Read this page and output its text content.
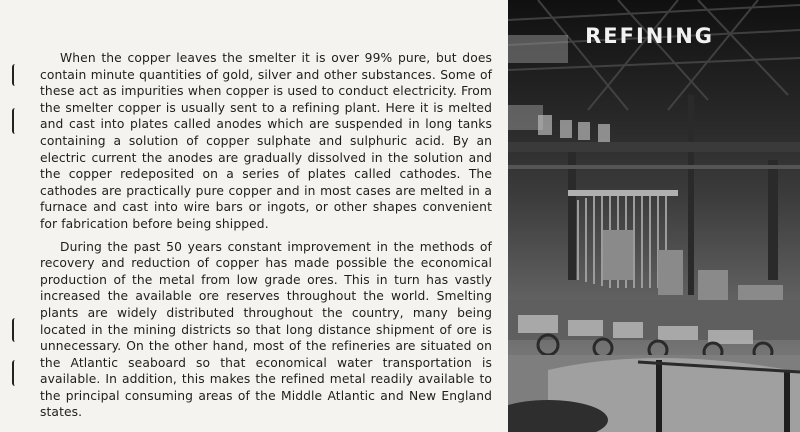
When the copper leaves the smelter it is over 99% pure, but does contain minute quantities of gold, silver and other substances. Some of these act as impurities when copper is used to conduct electricity. From the smelter copper is usually sent to a refining plant. Here it is melted and cast into plates called anodes which are suspended in long tanks containing a solution of copper sulphate and sulphuric acid. By an electric current the anodes are gradually dissolved in the solution and the copper redeposited on a series of plates called cathodes. The cathodes are practically pure copper and in most cases are melted in a furnace and cast into wire bars or ingots, or other shapes convenient for fabrication before being shipped.

During the past 50 years constant improvement in the methods of recovery and reduction of copper has made possible the economical production of the metal from low grade ores. This in turn has vastly increased the available ore reserves throughout the world. Smelting plants are widely distributed throughout the country, many being located in the mining districts so that long distance shipment of ore is unnecessary. On the other hand, most of the refineries are situated on the Atlantic seaboard so that economical water transportation is available. In addition, this makes the refined metal readily available to the principal consuming areas of the Middle Atlantic and New England states.

REFINING
